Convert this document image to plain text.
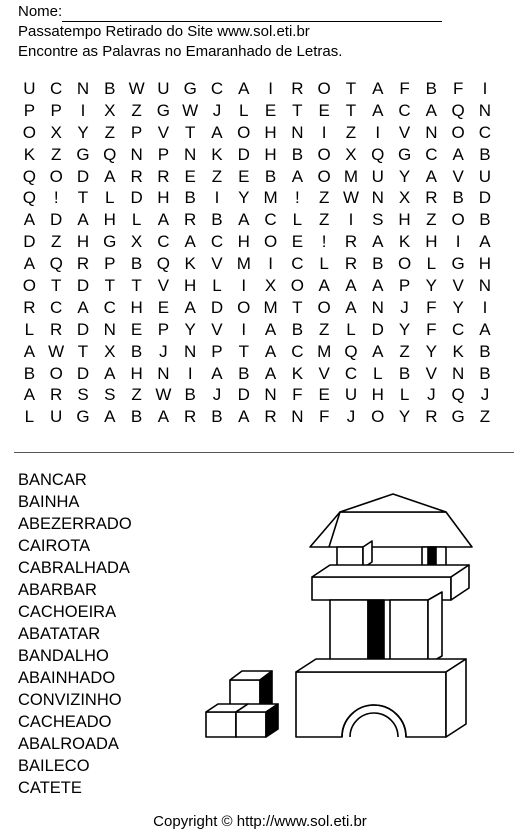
Nome:
Passatempo Retirado do Site www.sol.eti.br
Encontre as Palavras no Emaranhado de Letras.
U C N B W U G C A	I	R O T A F B F	I
P P	I	X Z G W J	L E T E T A C A Q N
O X Y Z P V T A O H N	I	Z	I	V N O C
K Z G Q N P N K D H B O X Q G C A B
Q O D A R R E Z E B A O M U Y A V U
Q	!	T L D H B	I	Y M	!	Z W N X R B D
A D A H L A R B A C L Z	I	S H Z O B
D Z H G X C A C H O E	!	R A K H	I	A
A Q R P B Q K V M	I	C L R B O L G H
O T D T T V H L	I	X O A A A P Y V N
R C A C H E A D O M T O A N J	F Y	I
L R D N E P Y V	I	A B Z L D Y F C A
A W T X B J N P T A C M Q A Z Y K B
B O D A H N	I	A B A K V C L B V N B
A R S S Z W B J D N F E U H L	J Q J
L U G A B A R B A R N F	J O Y R G Z
BANCAR
BAINHA
ABEZERRADO
CAIROTA
CABRALHADA
ABARBAR
CACHOEIRA
ABATATAR
BANDALHO
ABAINHADO
CONVIZINHO
CACHEADO
ABALROADA
BAILECO
CATETE
Copyright © http://www.sol.eti.br
